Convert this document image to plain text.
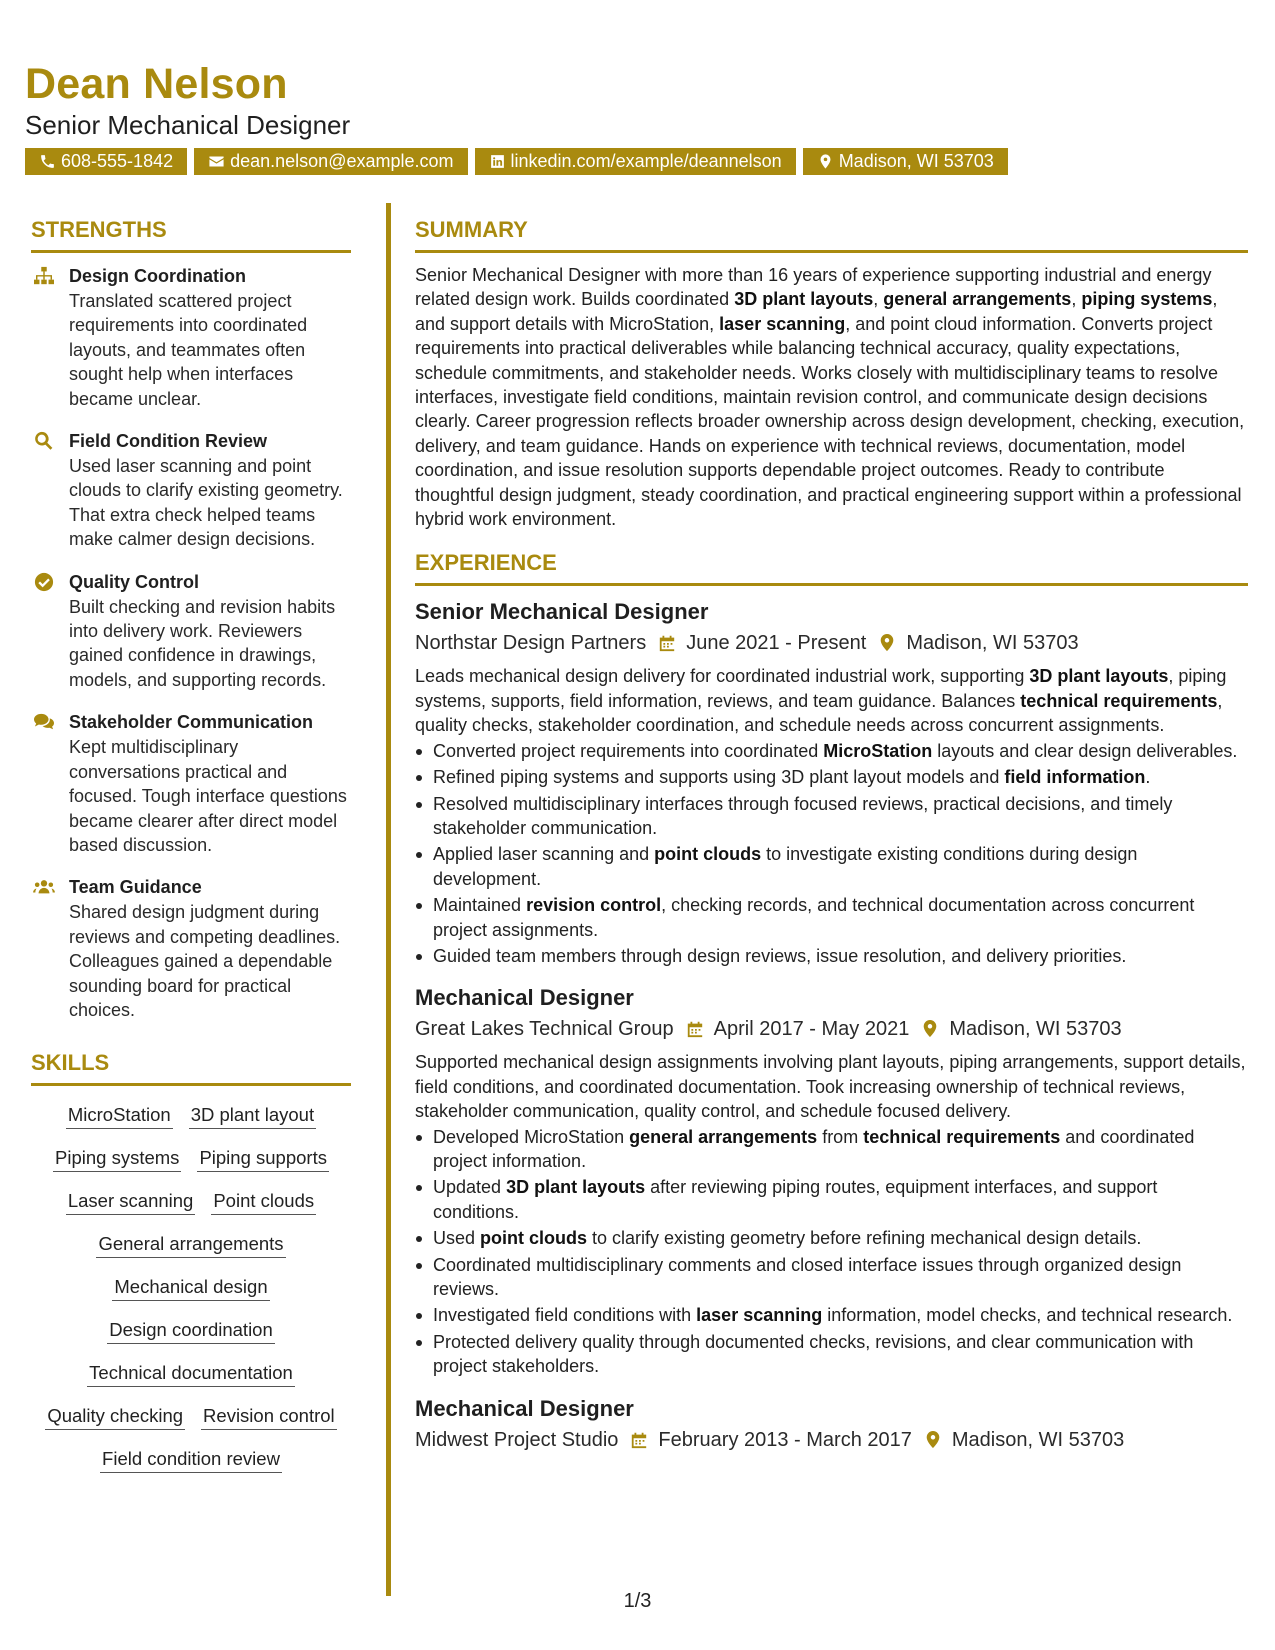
Dean Nelson
Senior Mechanical Designer
608-555-1842	dean.nelson@example.com	linkedin.com/example/deannelson	Madison, WI 53703
STRENGTHS
Design Coordination
Translated scattered project requirements into coordinated layouts, and teammates often sought help when interfaces became unclear.
Field Condition Review
Used laser scanning and point clouds to clarify existing geometry. That extra check helped teams make calmer design decisions.
Quality Control
Built checking and revision habits into delivery work. Reviewers gained confidence in drawings, models, and supporting records.
Stakeholder Communication
Kept multidisciplinary conversations practical and focused. Tough interface questions became clearer after direct model based discussion.
Team Guidance
Shared design judgment during reviews and competing deadlines. Colleagues gained a dependable sounding board for practical choices.
SKILLS
MicroStation 3D plant layout
Piping systems Piping supports
Laser scanning Point clouds
General arrangements
Mechanical design
Design coordination
Technical documentation
Quality checking Revision control
Field condition review
SUMMARY
Senior Mechanical Designer with more than 16 years of experience supporting industrial and energy related design work. Builds coordinated 3D plant layouts, general arrangements, piping systems, and support details with MicroStation, laser scanning, and point cloud information. Converts project requirements into practical deliverables while balancing technical accuracy, quality expectations, schedule commitments, and stakeholder needs. Works closely with multidisciplinary teams to resolve interfaces, investigate field conditions, maintain revision control, and communicate design decisions clearly. Career progression reflects broader ownership across design development, checking, execution, delivery, and team guidance. Hands on experience with technical reviews, documentation, model coordination, and issue resolution supports dependable project outcomes. Ready to contribute thoughtful design judgment, steady coordination, and practical engineering support within a professional hybrid work environment.
EXPERIENCE
Senior Mechanical Designer
Northstar Design Partners June 2021 - Present Madison, WI 53703
Leads mechanical design delivery for coordinated industrial work, supporting 3D plant layouts, piping systems, supports, field information, reviews, and team guidance. Balances technical requirements, quality checks, stakeholder coordination, and schedule needs across concurrent assignments.
Converted project requirements into coordinated MicroStation layouts and clear design deliverables.
Refined piping systems and supports using 3D plant layout models and field information.
Resolved multidisciplinary interfaces through focused reviews, practical decisions, and timely stakeholder communication.
Applied laser scanning and point clouds to investigate existing conditions during design development.
Maintained revision control, checking records, and technical documentation across concurrent project assignments.
Guided team members through design reviews, issue resolution, and delivery priorities.
Mechanical Designer
Great Lakes Technical Group April 2017 - May 2021 Madison, WI 53703
Supported mechanical design assignments involving plant layouts, piping arrangements, support details, field conditions, and coordinated documentation. Took increasing ownership of technical reviews, stakeholder communication, quality control, and schedule focused delivery.
Developed MicroStation general arrangements from technical requirements and coordinated project information.
Updated 3D plant layouts after reviewing piping routes, equipment interfaces, and support conditions.
Used point clouds to clarify existing geometry before refining mechanical design details.
Coordinated multidisciplinary comments and closed interface issues through organized design reviews.
Investigated field conditions with laser scanning information, model checks, and technical research.
Protected delivery quality through documented checks, revisions, and clear communication with project stakeholders.
Mechanical Designer
Midwest Project Studio February 2013 - March 2017 Madison, WI 53703
1/3
